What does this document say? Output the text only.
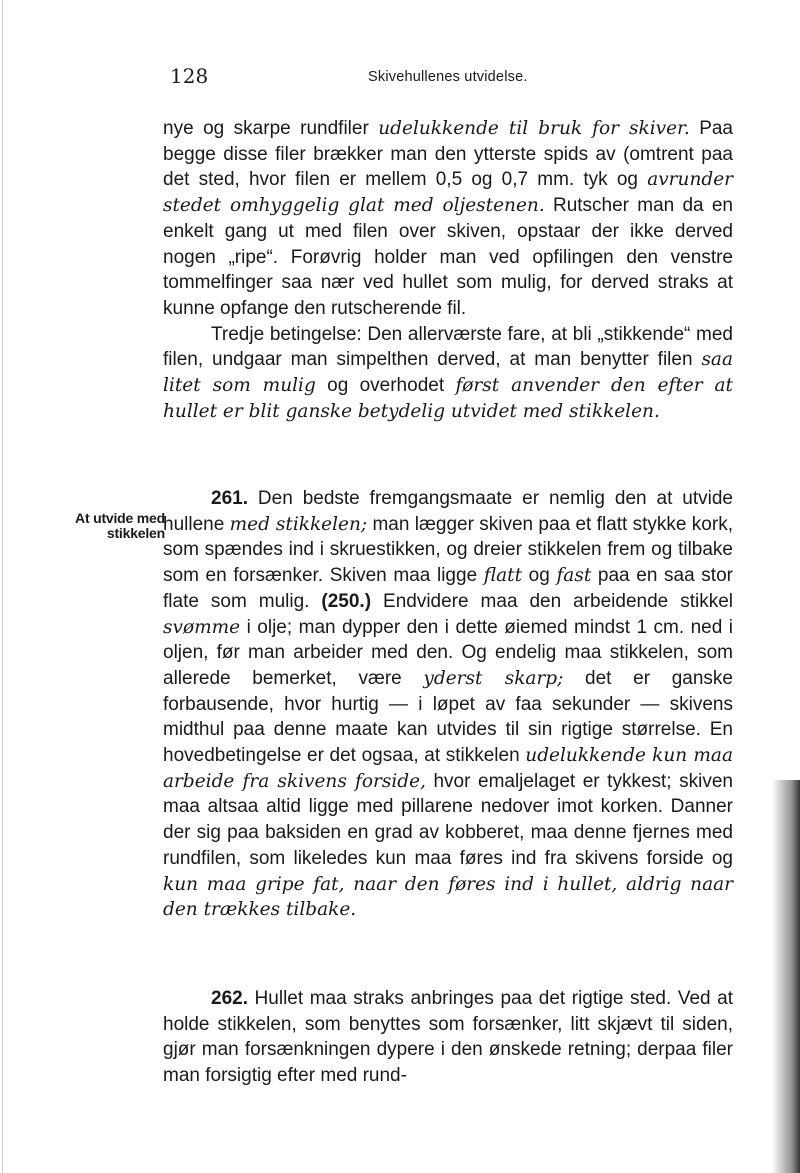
128	Skivehullenes utvidelse.
At utvide med
stikkelen

nye og skarpe rundfiler udelukkende til bruk for skiver. Paa begge disse filer brækker man den ytterste spids av (omtrent paa det sted, hvor filen er mellem 0,5 og 0,7 mm. tyk og avrunder stedet omhyggelig glat med oljestenen. Rutscher man da en enkelt gang ut med filen over skiven, opstaar der ikke derved nogen „ripe“. Forøvrig holder man ved opfilingen den venstre tommelfinger saa nær ved hullet som mulig, for derved straks at kunne opfange den rutscherende fil.

Tredje betingelse: Den allerværste fare, at bli „stikkende“ med filen, undgaar man simpelthen derved, at man benytter filen saa litet som mulig og overhodet først anvender den efter at hullet er blit ganske betydelig utvidet med stikkelen.

261. Den bedste fremgangsmaate er nemlig den at utvide hullene med stikkelen; man lægger skiven paa et flatt stykke kork, som spændes ind i skruestikken, og dreier stikkelen frem og tilbake som en forsænker. Skiven maa ligge flatt og fast paa en saa stor flate som mulig. (250.) Endvidere maa den arbeidende stikkel svømme i olje; man dypper den i dette øiemed mindst 1 cm. ned i oljen, før man arbeider med den. Og endelig maa stikkelen, som allerede bemerket, være yderst skarp; det er ganske forbausende, hvor hurtig — i løpet av faa sekunder — skivens midthul paa denne maate kan utvides til sin rigtige størrelse. En hovedbetingelse er det ogsaa, at stikkelen udelukkende kun maa arbeide fra skivens forside, hvor emaljelaget er tykkest; skiven maa altsaa altid ligge med pillarene nedover imot korken. Danner der sig paa baksiden en grad av kobberet, maa denne fjernes med rundfilen, som likeledes kun maa føres ind fra skivens forside og kun maa gripe fat, naar den føres ind i hullet, aldrig naar den trækkes tilbake.

262. Hullet maa straks anbringes paa det rigtige sted. Ved at holde stikkelen, som benyttes som forsænker, litt skjævt til siden, gjør man forsænkningen dypere i den ønskede retning; derpaa filer man forsigtig efter med rund-
